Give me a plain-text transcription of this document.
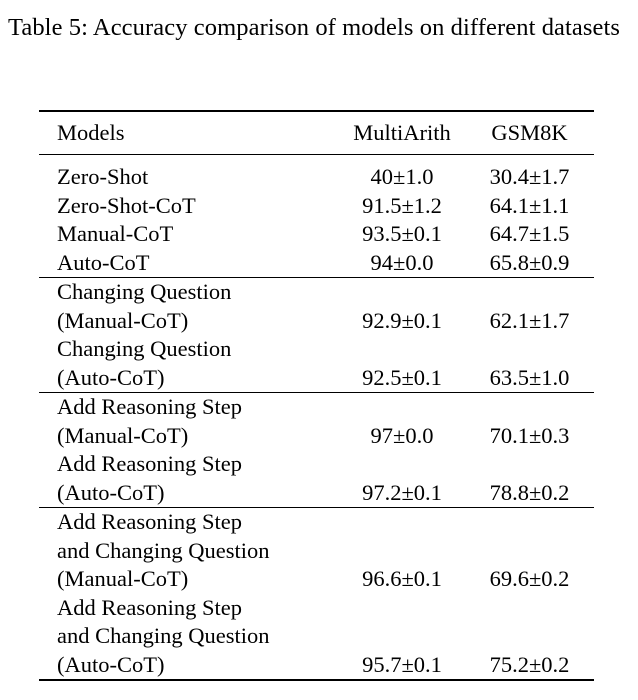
Table 5: Accuracy comparison of models on different datasets
Models	MultiArith	GSM8K
Zero-Shot	40±1.0	30.4±1.7
Zero-Shot-CoT	91.5±1.2	64.1±1.1
Manual-CoT	93.5±0.1	64.7±1.5
Auto-CoT	94±0.0	65.8±0.9
Changing Question
(Manual-CoT)	92.9±0.1	62.1±1.7
Changing Question
(Auto-CoT)	92.5±0.1	63.5±1.0
Add Reasoning Step
(Manual-CoT)	97±0.0	70.1±0.3
Add Reasoning Step
(Auto-CoT)	97.2±0.1	78.8±0.2
Add Reasoning Step
and Changing Question
(Manual-CoT)	96.6±0.1	69.6±0.2
Add Reasoning Step
and Changing Question
(Auto-CoT)	95.7±0.1	75.2±0.2
